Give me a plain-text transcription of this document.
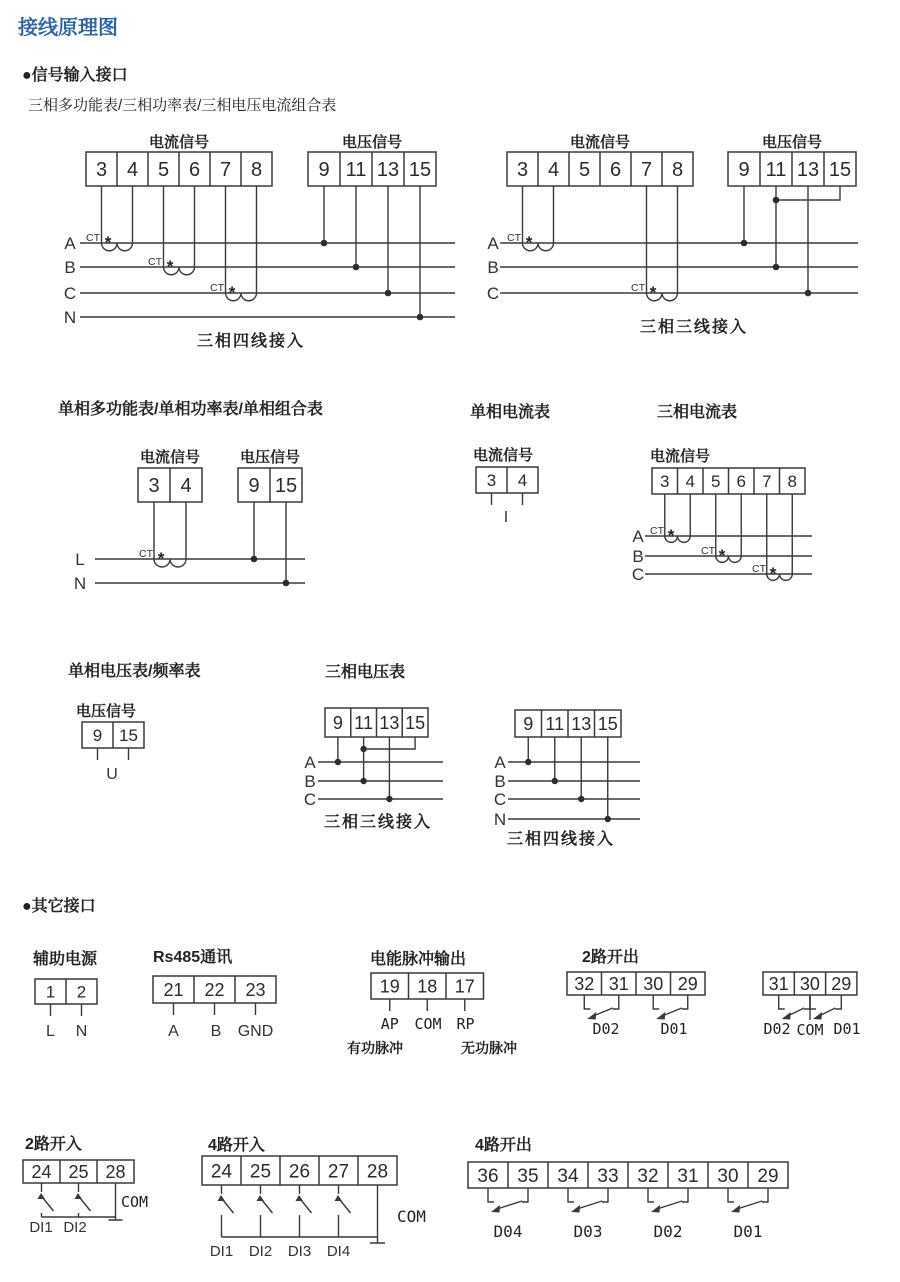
接线原理图
●信号输入接口
三相多功能表/三相功率表/三相电压电流组合表
电流信号	电压信号
3 4 5 6 7 8	9 11 13 15
CT *
CT *
CT *
A
B
C
N
三相四线接入
电流信号	电压信号
3 4 5 6 7 8	9 11 13 15
CT *
CT *
A
B
C
三相三线接入
单相多功能表/单相功率表/单相组合表
电流信号	电压信号
3 4	9 15
CT *
L
N
单相电流表
电流信号
3 4
I
三相电流表
电流信号
3 4 5 6 7 8
CT *
CT *
CT *
A
B
C
单相电压表/频率表
电压信号
9 15
U
三相电压表
9 11 13 15
A
B
C
三相三线接入
9 11 13 15
A
B
C
N
三相四线接入
●其它接口
辅助电源
1 2
L N
Rs485通讯
21 22 23
A B GND
电能脉冲输出
19 18 17
AP COM RP
有功脉冲	无功脉冲
2路开出
32 31 30 29
D02	D01
31 30 29
D02 COM D01
2路开入
24 25 28
COM
DI1 DI2
4路开入
24 25 26 27 28
COM
DI1 DI2 DI3 DI4
4路开出
36 35 34 33 32 31 30 29
D04	D03	D02	D01
